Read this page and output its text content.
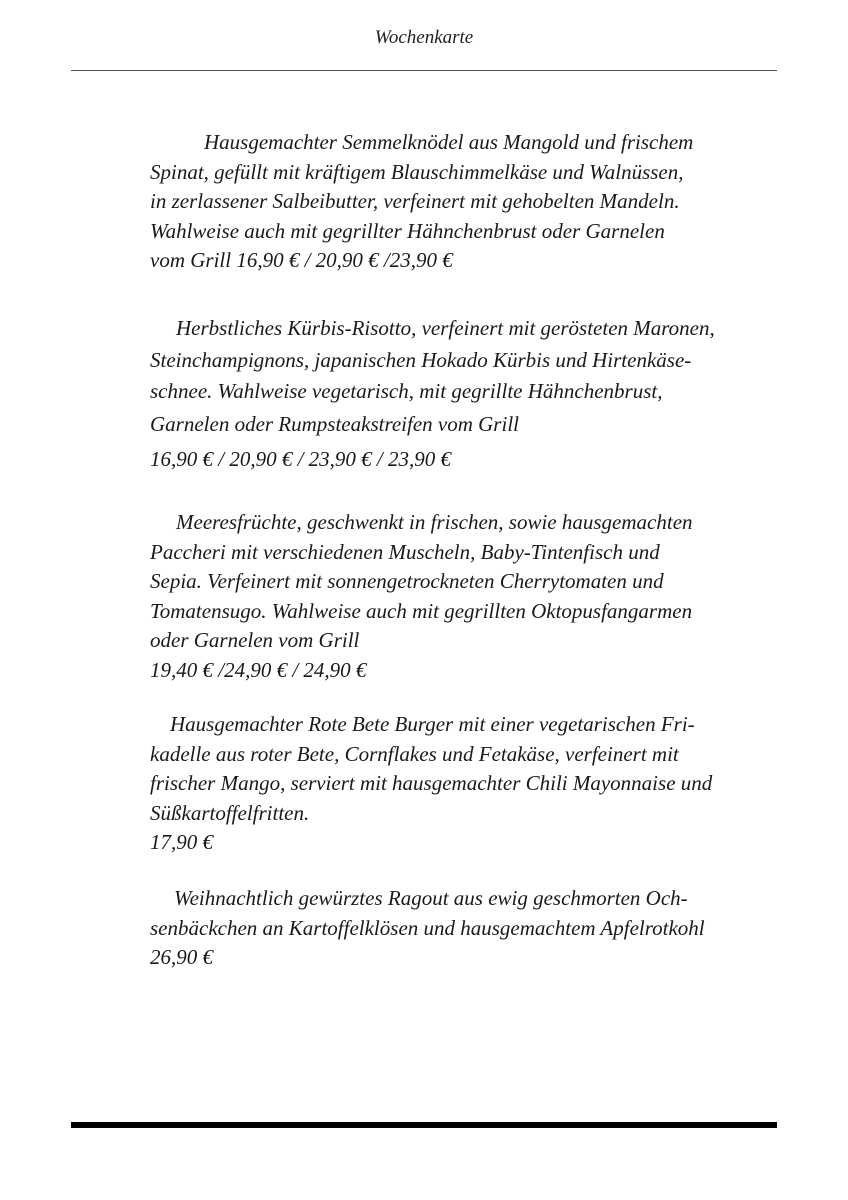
Wochenkarte
Hausgemachter Semmelknödel aus Mangold und frischem
Spinat, gefüllt mit kräftigem Blauschimmelkäse und Walnüssen,
in zerlassener Salbeibutter, verfeinert mit gehobelten Mandeln.
Wahlweise auch mit gegrillter Hähnchenbrust oder Garnelen
vom Grill 16,90 € / 20,90 € /23,90 €
Herbstliches Kürbis-Risotto, verfeinert mit gerösteten Maronen,
Steinchampignons, japanischen Hokado Kürbis und Hirtenkäse-
schnee. Wahlweise vegetarisch, mit gegrillte Hähnchenbrust,
Garnelen oder Rumpsteakstreifen vom Grill
16,90 € / 20,90 € / 23,90 € / 23,90 €
Meeresfrüchte, geschwenkt in frischen, sowie hausgemachten
Paccheri mit verschiedenen Muscheln, Baby-Tintenfisch und
Sepia. Verfeinert mit sonnengetrockneten Cherrytomaten und
Tomatensugo. Wahlweise auch mit gegrillten Oktopusfangarmen
oder Garnelen vom Grill
19,40 € /24,90 € / 24,90 €
Hausgemachter Rote Bete Burger mit einer vegetarischen Fri-
kadelle aus roter Bete, Cornflakes und Fetakäse, verfeinert mit
frischer Mango, serviert mit hausgemachter Chili Mayonnaise und
Süßkartoffelfritten.
17,90 €
Weihnachtlich gewürztes Ragout aus ewig geschmorten Och-
senbäckchen an Kartoffelklösen und hausgemachtem Apfelrotkohl
26,90 €
